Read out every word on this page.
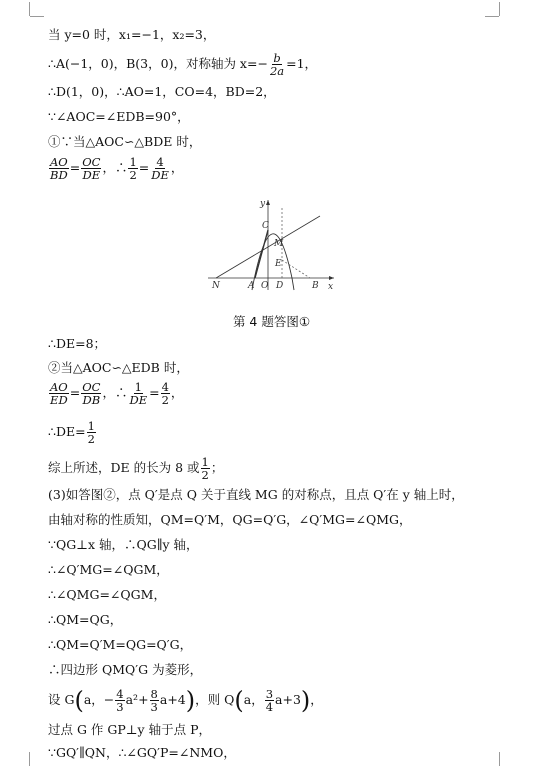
当 y=0 时，x₁=−1，x₂=3，
∴A(−1，0)，B(3，0)，对称轴为 $x=- \frac{b}{2a} =1$，
∴D(1，0)，∴AO=1，CO=4，BD=2，
∵∠AOC=∠EDB=90°，
①∵当△AOC∽△BDE 时，
$\frac{AO}{BD} = \frac{OC}{DE}$ ，∴ $\frac{1}{2} = \frac{4}{DE}$ ，
y
x
N	A O D	B
C
M
E
第 4 题答图①
∴DE=8；
②当△AOC∽△EDB 时，
$\frac{AO}{ED} = \frac{OC}{DB}$ ，∴ $\frac{1}{DE} = \frac{4}{2}$ ，
∴DE= $\frac{1}{2}$
综上所述，DE 的长为 8 或 $\frac{1}{2}$ ；
(3)如答图②，点 Q′是点 Q 关于直线 MG 的对称点，且点 Q′在 y 轴上时，
由轴对称的性质知，QM=Q′M，QG=Q′G，∠Q′MG=∠QMG，
∵QG⊥x 轴，∴QG∥y 轴，
∴∠Q′MG=∠QGM，
∴∠QMG=∠QGM，
∴QM=QG，
∴QM=Q′M=QG=Q′G，
∴四边形 QMQ′G 为菱形，
设 G(a，− $\frac{4}{3} a^2+ \frac{8}{3} a+4$)，则 Q(a， $\frac{3}{4} a+3$)，
过点 G 作 GP⊥y 轴于点 P，
∵GQ′∥QN，∴∠GQ′P=∠NMO，
